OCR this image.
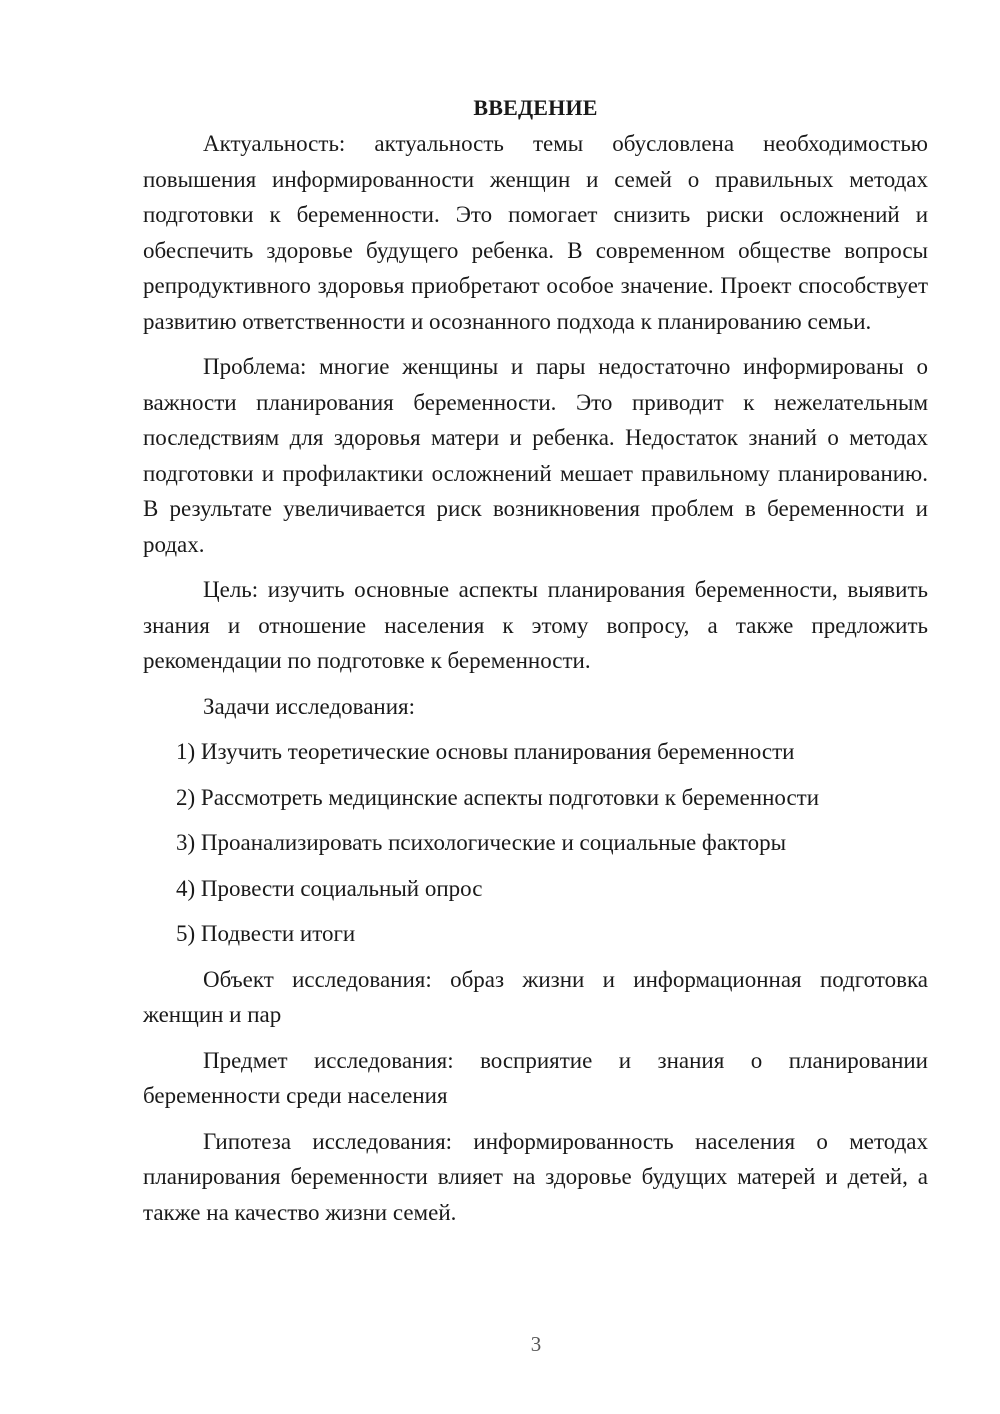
ВВЕДЕНИЕ

Актуальность: актуальность темы обусловлена необходимостью повышения информированности женщин и семей о правильных методах подготовки к беременности. Это помогает снизить риски осложнений и обеспечить здоровье будущего ребенка. В современном обществе вопросы репродуктивного здоровья приобретают особое значение. Проект способствует развитию ответственности и осознанного подхода к планированию семьи.

Проблема: многие женщины и пары недостаточно информированы о важности планирования беременности. Это приводит к нежелательным последствиям для здоровья матери и ребенка. Недостаток знаний о методах подготовки и профилактики осложнений мешает правильному планированию. В результате увеличивается риск возникновения проблем в беременности и родах.

Цель: изучить основные аспекты планирования беременности, выявить знания и отношение населения к этому вопросу, а также предложить рекомендации по подготовке к беременности.

Задачи исследования:

1) Изучить теоретические основы планирования беременности
2) Рассмотреть медицинские аспекты подготовки к беременности
3) Проанализировать психологические и социальные факторы
4) Провести социальный опрос
5) Подвести итоги

Объект исследования: образ жизни и информационная подготовка женщин и пар

Предмет исследования: восприятие и знания о планировании беременности среди населения

Гипотеза исследования: информированность населения о методах планирования беременности влияет на здоровье будущих матерей и детей, а также на качество жизни семей.

3
